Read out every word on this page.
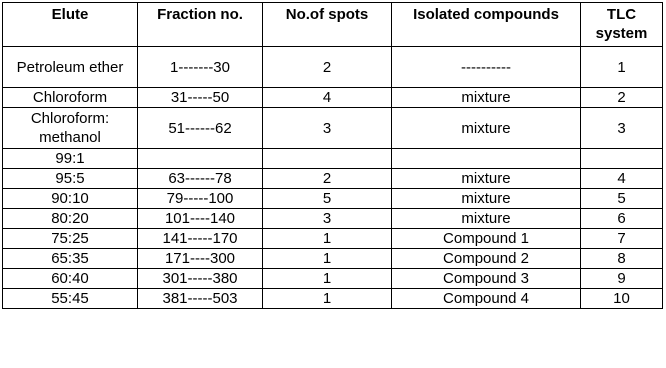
Elute	Fraction no.	No.of spots	Isolated compounds	TLC system
Petroleum ether	1-------30	2	----------	1
Chloroform	31-----50	4	mixture	2
Chloroform: methanol	51------62	3	mixture	3
99:1				
95:5	63------78	2	mixture	4
90:10	79-----100	5	mixture	5
80:20	101----140	3	mixture	6
75:25	141-----170	1	Compound 1	7
65:35	171----300	1	Compound 2	8
60:40	301-----380	1	Compound 3	9
55:45	381-----503	1	Compound 4	10
